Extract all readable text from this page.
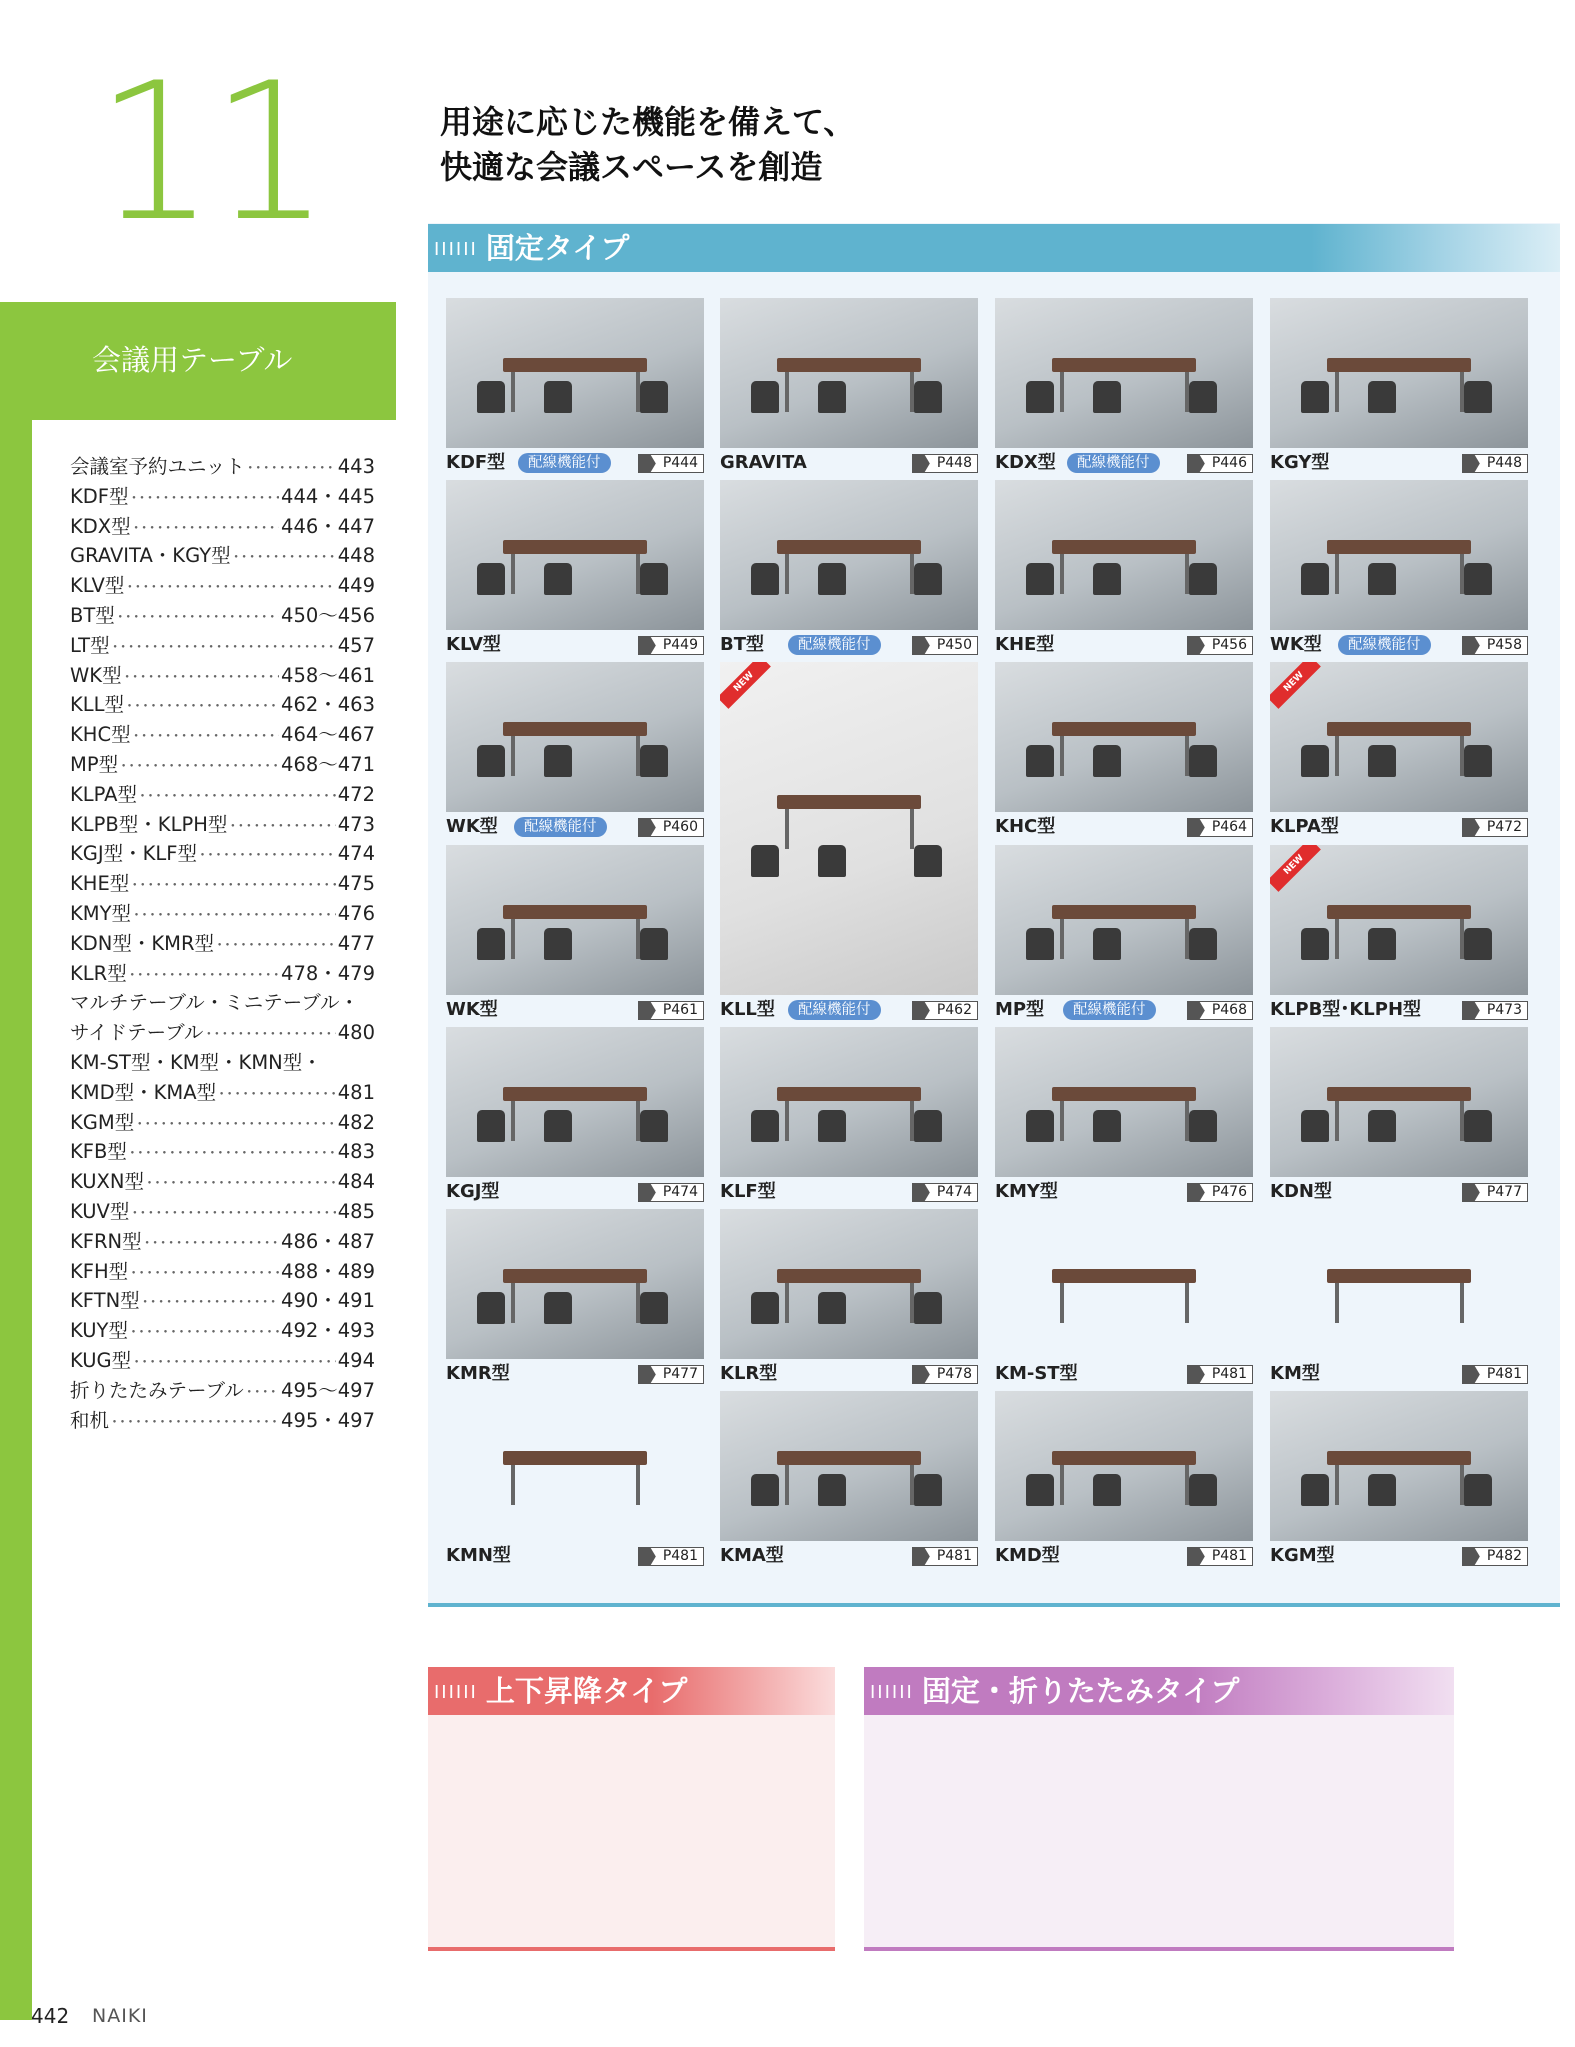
11
会議用テーブル
会議室予約ユニット ･･･････････････････････････････････････････････････････････････	443
KDF型 ･･･････････････････････････････････････････････････････････････	444・445
KDX型 ･･･････････････････････････････････････････････････････････････	446・447
GRAVITA・KGY型 ･･･････････････････････････････････････････････････････････････	448
KLV型 ･･･････････････････････････････････････････････････････････････	449
BT型 ･･･････････････････････････････････････････････････････････････	450〜456
LT型 ･･･････････････････････････････････････････････････････････････	457
WK型 ･･･････････････････････････････････････････････････････････････	458〜461
KLL型 ･･･････････････････････････････････････････････････････････････	462・463
KHC型 ･･･････････････････････････････････････････････････････････････	464〜467
MP型 ･･･････････････････････････････････････････････････････････････	468〜471
KLPA型 ･･･････････････････････････････････････････････････････････････	472
KLPB型・KLPH型 ･･･････････････････････････････････････････････････････････････	473
KGJ型・KLF型 ･･･････････････････････････････････････････････････････････････	474
KHE型 ･･･････････････････････････････････････････････････････････････	475
KMY型 ･･･････････････････････････････････････････････････････････････	476
KDN型・KMR型 ･･･････････････････････････････････････････････････････････････	477
KLR型 ･･･････････････････････････････････････････････････････････････	478・479
マルチテーブル・ミニテーブル・
サイドテーブル ･･･････････････････････････････････････････････････････････････	480
KM-ST型・KM型・KMN型・
KMD型・KMA型 ･･･････････････････････････････････････････････････････････････	481
KGM型 ･･･････････････････････････････････････････････････････････････	482
KFB型 ･･･････････････････････････････････････････････････････････････	483
KUXN型 ･･･････････････････････････････････････････････････････････････	484
KUV型 ･･･････････････････････････････････････････････････････････････	485
KFRN型 ･･･････････････････････････････････････････････････････････････	486・487
KFH型 ･･･････････････････････････････････････････････････････････････	488・489
KFTN型 ･･･････････････････････････････････････････････････････････････	490・491
KUY型 ･･･････････････････････････････････････････････････････････････	492・493
KUG型 ･･･････････････････････････････････････････････････････････････	494
折りたたみテーブル ･･･････････････････････････････････････････････････････････････ 495〜497
和机 ･･･････････････････････････････････････････････････････････････	495・497
用途に応じた機能を備えて、
快適な会議スペースを創造
IIIIII 固定タイプ
KDF型	配線機能付	P444	GRAVITA	P448	KDX型	配線機能付	P446	KGY型	P448
KLV型	P449	BT型	配線機能付	P450	KHE型	P456	WK型	配線機能付	P458
WK型	配線機能付	P460	KHC型	P464
NEW
KLPA型	P472
WK型	P461
NEW
KLL型	配線機能付	P462	MP型	配線機能付	P468
NEW
KLPB型･KLPH型	P473
KGJ型	P474	KLF型	P474	KMY型	P476	KDN型	P477
KMR型	P477	KLR型	P478	KM-ST型	P481	KM型	P481
KMN型	P481	KMA型	P481	KMD型	P481	KGM型	P482
IIIIII 上下昇降タイプ	IIIIII 固定・折りたたみタイプ
442 NAIKI
